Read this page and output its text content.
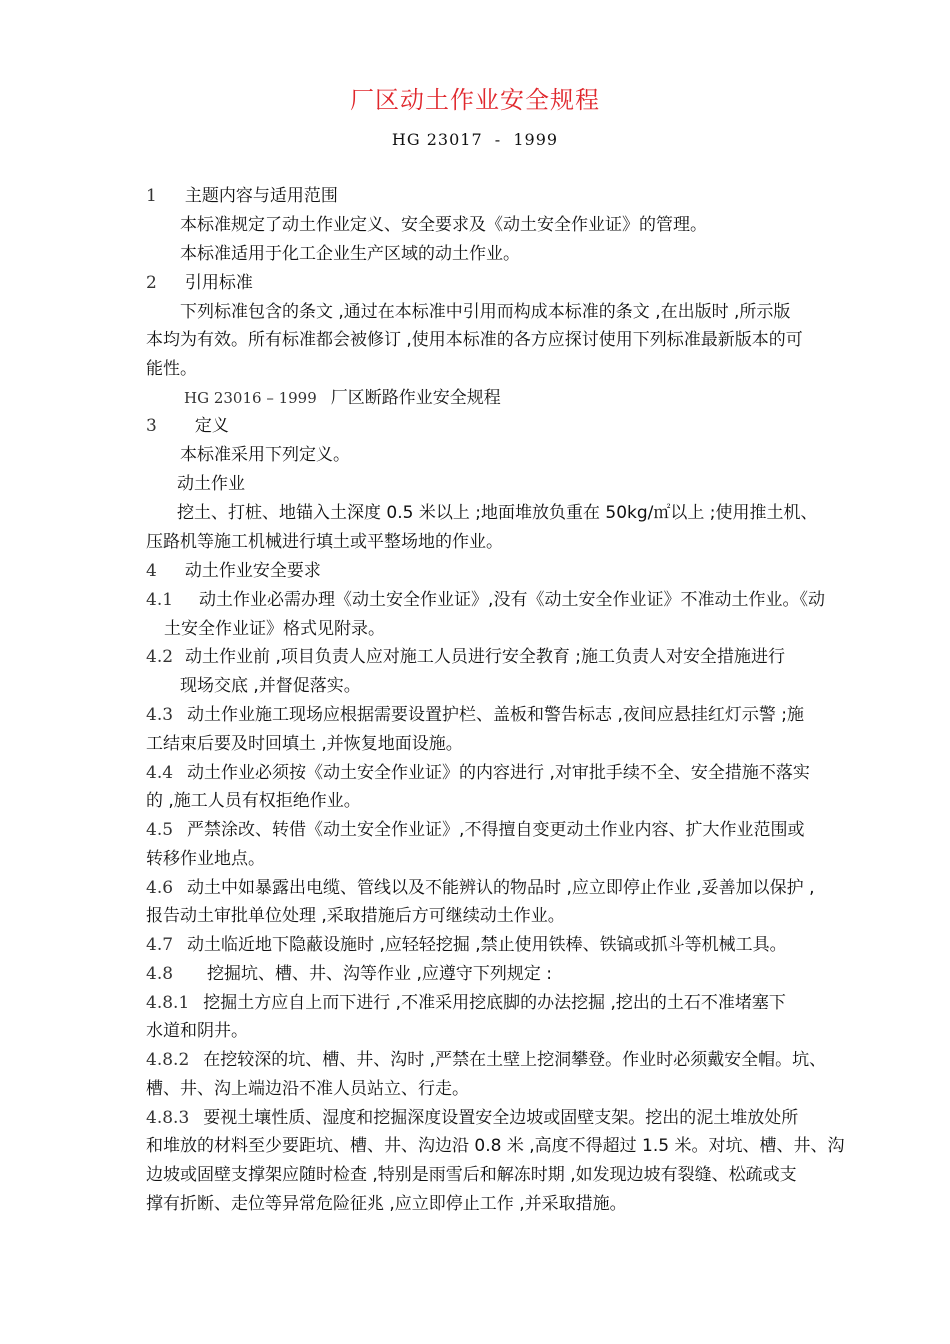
厂区动土作业安全规程
HG 23017  -  1999
1 主题内容与适用范围
本标准规定了动土作业定义、安全要求及《动土安全作业证》的管理。
本标准适用于化工企业生产区域的动土作业。
2 引用标准
下列标准包含的条文 ,通过在本标准中引用而构成本标准的条文 ,在出版时 ,所示版
本均为有效。所有标准都会被修订 ,使用本标准的各方应探讨使用下列标准最新版本的可
能性。
HG 23016 – 1999 厂区断路作业安全规程
3 定义
本标准采用下列定义。
动土作业
挖土、打桩、地锚入土深度 0.5 米以上 ;地面堆放负重在 50kg/㎡以上 ;使用推土机、
压路机等施工机械进行填土或平整场地的作业。
4 动土作业安全要求
4.1 动土作业必需办理《动土安全作业证》,没有《动土安全作业证》不准动土作业。《动
土安全作业证》格式见附录。
4.2 动土作业前 ,项目负责人应对施工人员进行安全教育 ;施工负责人对安全措施进行
现场交底 ,并督促落实。
4.3 动土作业施工现场应根据需要设置护栏、盖板和警告标志 ,夜间应悬挂红灯示警 ;施
工结束后要及时回填土 ,并恢复地面设施。
4.4 动土作业必须按《动土安全作业证》的内容进行 ,对审批手续不全、安全措施不落实
的 ,施工人员有权拒绝作业。
4.5 严禁涂改、转借《动土安全作业证》,不得擅自变更动土作业内容、扩大作业范围或
转移作业地点。
4.6 动土中如暴露出电缆、管线以及不能辨认的物品时 ,应立即停止作业 ,妥善加以保护 ,
报告动土审批单位处理 ,采取措施后方可继续动土作业。
4.7 动土临近地下隐蔽设施时 ,应轻轻挖掘 ,禁止使用铁棒、铁镐或抓斗等机械工具。
4.8 挖掘坑、槽、井、沟等作业 ,应遵守下列规定 :
4.8.1 挖掘土方应自上而下进行 ,不准采用挖底脚的办法挖掘 ,挖出的土石不准堵塞下
水道和阴井。
4.8.2 在挖较深的坑、槽、井、沟时 ,严禁在土壁上挖洞攀登。作业时必须戴安全帽。坑、
槽、井、沟上端边沿不准人员站立、行走。
4.8.3 要视土壤性质、湿度和挖掘深度设置安全边坡或固壁支架。挖出的泥土堆放处所
和堆放的材料至少要距坑、槽、井、沟边沿 0.8 米 ,高度不得超过 1.5 米。对坑、槽、井、沟
边坡或固壁支撑架应随时检查 ,特别是雨雪后和解冻时期 ,如发现边坡有裂缝、松疏或支
撑有折断、走位等异常危险征兆 ,应立即停止工作 ,并采取措施。
